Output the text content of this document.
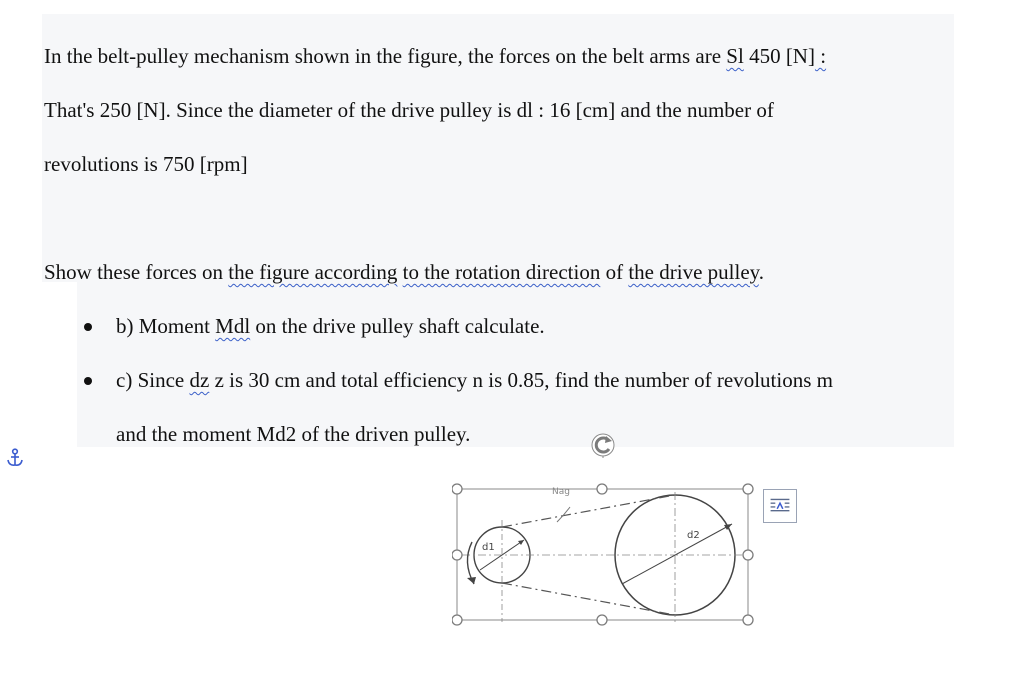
In the belt-pulley mechanism shown in the figure, the forces on the belt arms are Sl 450 [N] :
That's 250 [N]. Since the diameter of the drive pulley is dl : 16 [cm] and the number of
revolutions is 750 [rpm]
Show these forces on the figure according to the rotation direction of the drive pulley.
b) Moment Mdl on the drive pulley shaft calculate.
c) Since dz z is 30 cm and total efficiency n is 0.85, find the number of revolutions m
and the moment Md2 of the driven pulley.
d1
d2
Nag
